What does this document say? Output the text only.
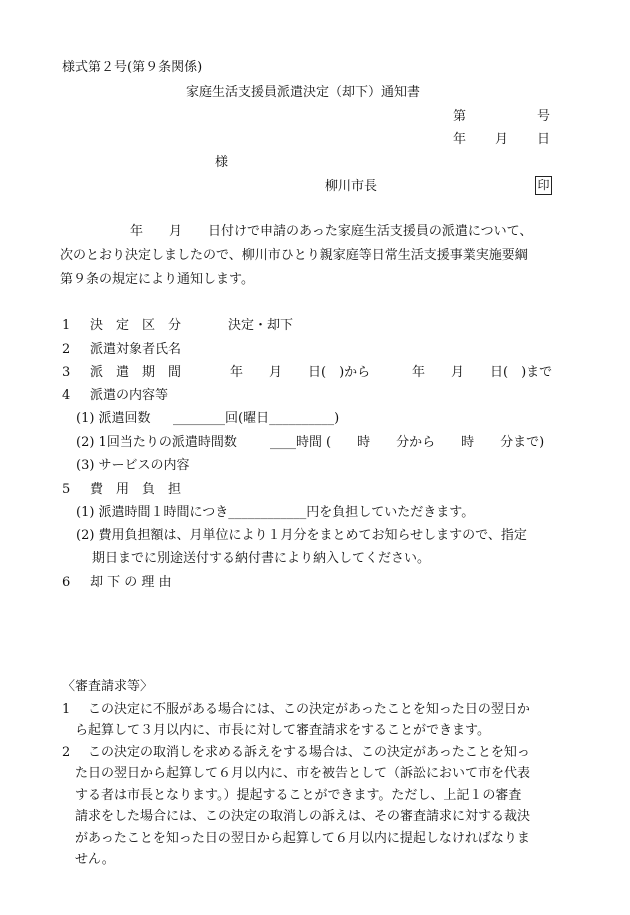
様式第２号(第９条関係)
家庭生活支援員派遣決定（却下）通知書
第	号
年 月 日
様
柳川市長	印
年　　月　　日付けで申請のあった家庭生活支援員の派遣について、
次のとおり決定しましたので、柳川市ひとり親家庭等日常生活支援事業実施要綱
第９条の規定により通知します。
1 決　定　区　分	決定・却下
2 派遣対象者氏名
3 派　遣　期　間	年　　月　　日(　)から	年　　月　　日(　)まで
4 派遣の内容等
(1) 派遣回数 ________回(曜日__________)
(2) 1回当たりの派遣時間数	____時間 (　　時　　分から　　時　　分まで)
(3) サービスの内容
5 費　用　負　担
(1) 派遣時間１時間につき____________円を負担していただきます。
(2) 費用負担額は、月単位により１月分をまとめてお知らせしますので、指定
期日までに別途送付する納付書により納入してください。
6 却 下 の 理 由
〈審査請求等〉
1 この決定に不服がある場合には、この決定があったことを知った日の翌日か
ら起算して３月以内に、市長に対して審査請求をすることができます。
2 この決定の取消しを求める訴えをする場合は、この決定があったことを知っ
た日の翌日から起算して６月以内に、市を被告として（訴訟において市を代表
する者は市長となります。）提起することができます。ただし、上記１の審査
請求をした場合には、この決定の取消しの訴えは、その審査請求に対する裁決
があったことを知った日の翌日から起算して６月以内に提起しなければなりま
せん。
